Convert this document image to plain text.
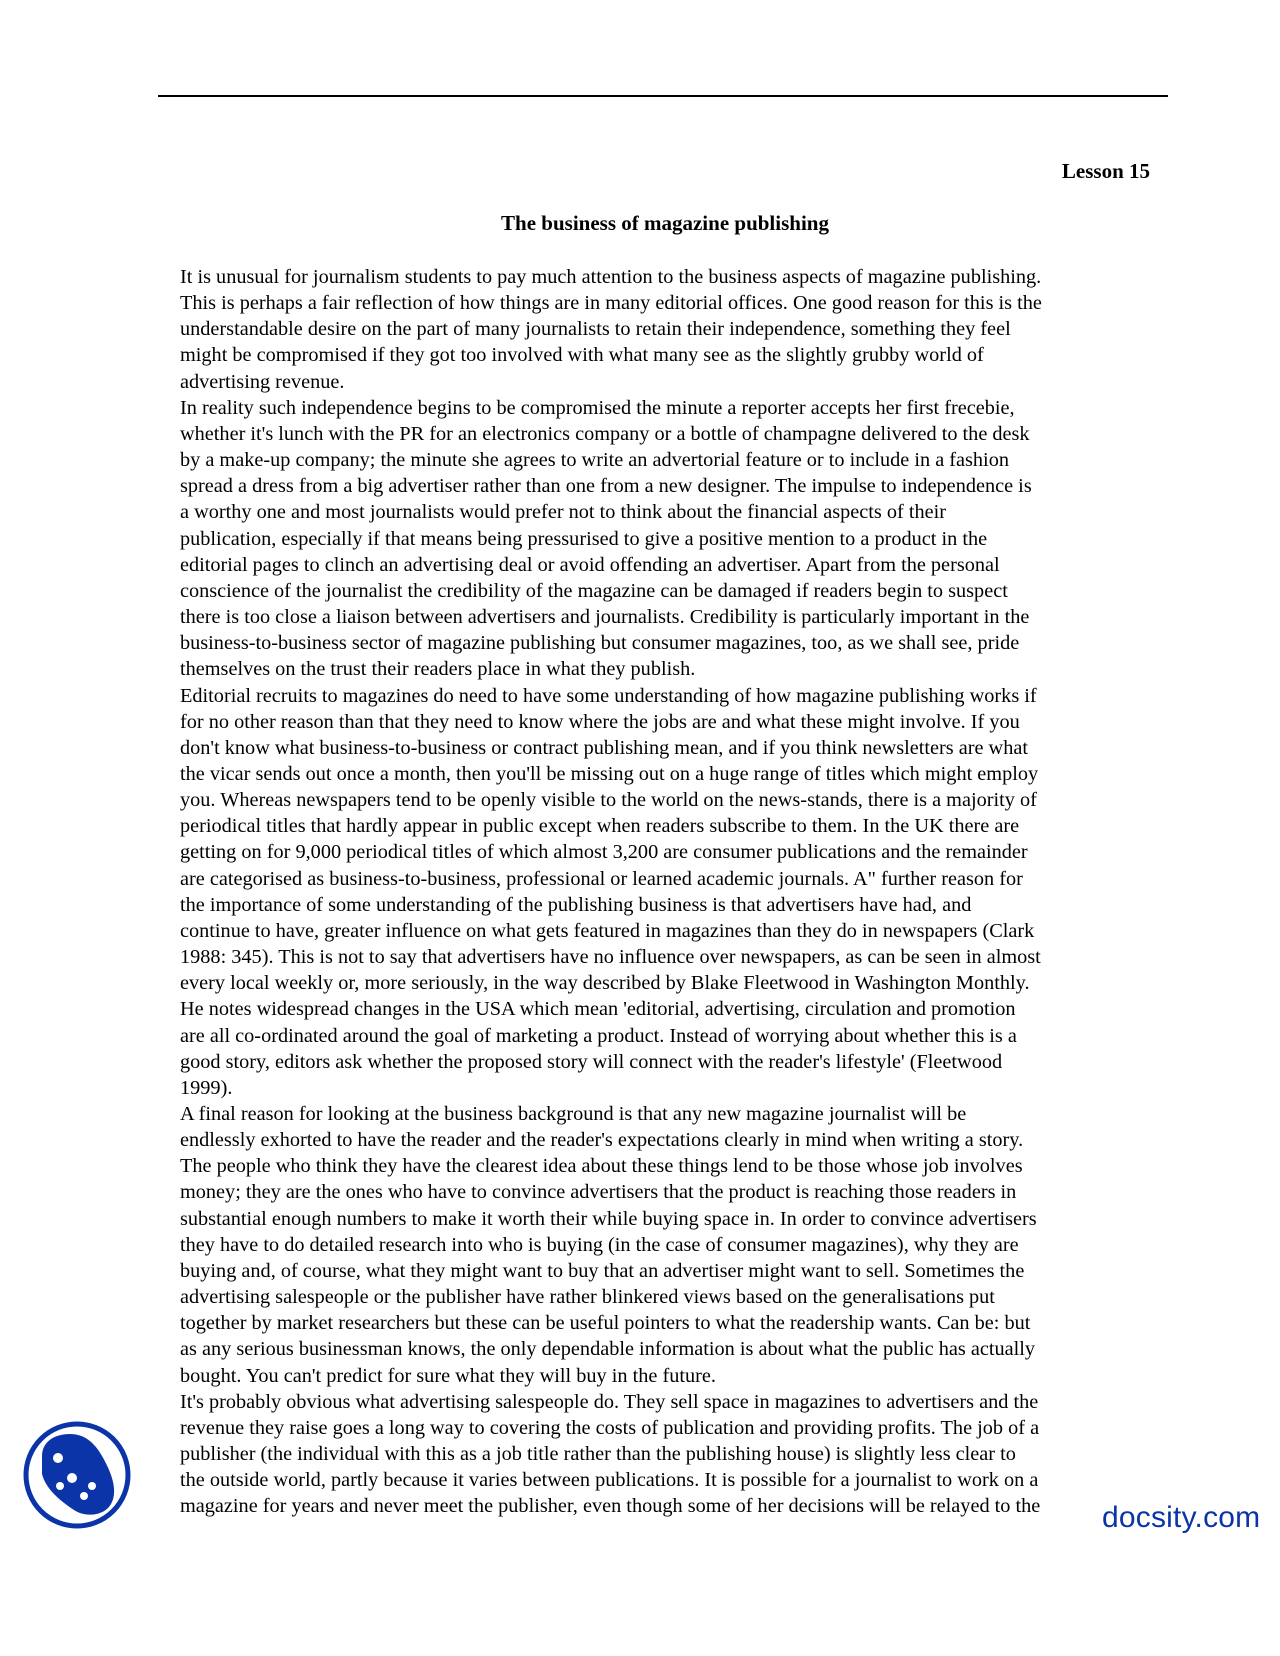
Lesson 15
The business of magazine publishing
It is unusual for journalism students to pay much attention to the business aspects of magazine publishing.
This is perhaps a fair reflection of how things are in many editorial offices. One good reason for this is the
understandable desire on the part of many journalists to retain their independence, something they feel
might be compromised if they got too involved with what many see as the slightly grubby world of
advertising revenue.
In reality such independence begins to be compromised the minute a reporter accepts her first frecebie,
whether it's lunch with the PR for an electronics company or a bottle of champagne delivered to the desk
by a make-up company; the minute she agrees to write an advertorial feature or to include in a fashion
spread a dress from a big advertiser rather than one from a new designer. The impulse to independence is
a worthy one and most journalists would prefer not to think about the financial aspects of their
publication, especially if that means being pressurised to give a positive mention to a product in the
editorial pages to clinch an advertising deal or avoid offending an advertiser. Apart from the personal
conscience of the journalist the credibility of the magazine can be damaged if readers begin to suspect
there is too close a liaison between advertisers and journalists. Credibility is particularly important in the
business-to-business sector of magazine publishing but consumer magazines, too, as we shall see, pride
themselves on the trust their readers place in what they publish.
Editorial recruits to magazines do need to have some understanding of how magazine publishing works if
for no other reason than that they need to know where the jobs are and what these might involve. If you
don't know what business-to-business or contract publishing mean, and if you think newsletters are what
the vicar sends out once a month, then you'll be missing out on a huge range of titles which might employ
you. Whereas newspapers tend to be openly visible to the world on the news-stands, there is a majority of
periodical titles that hardly appear in public except when readers subscribe to them. In the UK there are
getting on for 9,000 periodical titles of which almost 3,200 are consumer publications and the remainder
are categorised as business-to-business, professional or learned academic journals. A" further reason for
the importance of some understanding of the publishing business is that advertisers have had, and
continue to have, greater influence on what gets featured in magazines than they do in newspapers (Clark
1988: 345). This is not to say that advertisers have no influence over newspapers, as can be seen in almost
every local weekly or, more seriously, in the way described by Blake Fleetwood in Washington Monthly.
He notes widespread changes in the USA which mean 'editorial, advertising, circulation and promotion
are all co-ordinated around the goal of marketing a product. Instead of worrying about whether this is a
good story, editors ask whether the proposed story will connect with the reader's lifestyle' (Fleetwood
1999).
A final reason for looking at the business background is that any new magazine journalist will be
endlessly exhorted to have the reader and the reader's expectations clearly in mind when writing a story.
The people who think they have the clearest idea about these things lend to be those whose job involves
money; they are the ones who have to convince advertisers that the product is reaching those readers in
substantial enough numbers to make it worth their while buying space in. In order to convince advertisers
they have to do detailed research into who is buying (in the case of consumer magazines), why they are
buying and, of course, what they might want to buy that an advertiser might want to sell. Sometimes the
advertising salespeople or the publisher have rather blinkered views based on the generalisations put
together by market researchers but these can be useful pointers to what the readership wants. Can be: but
as any serious businessman knows, the only dependable information is about what the public has actually
bought. You can't predict for sure what they will buy in the future.
It's probably obvious what advertising salespeople do. They sell space in magazines to advertisers and the
revenue they raise goes a long way to covering the costs of publication and providing profits. The job of a
publisher (the individual with this as a job title rather than the publishing house) is slightly less clear to
the outside world, partly because it varies between publications. It is possible for a journalist to work on a
magazine for years and never meet the publisher, even though some of her decisions will be relayed to the	docsity.com
